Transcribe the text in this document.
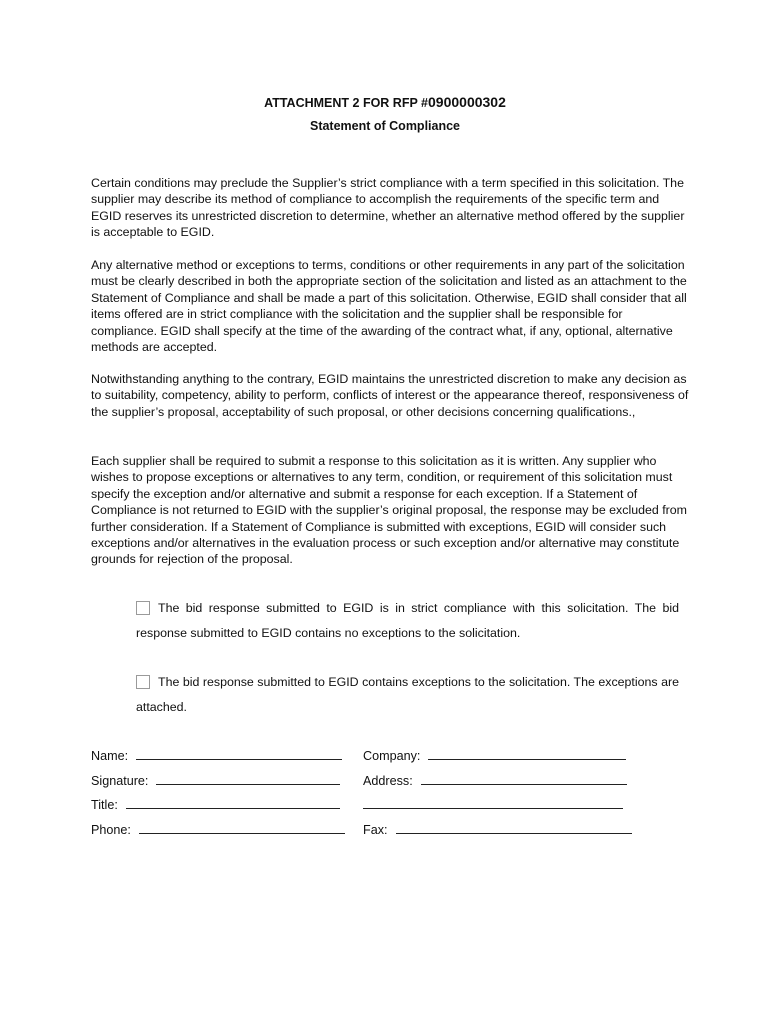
ATTACHMENT 2 FOR RFP #0900000302
Statement of Compliance

Certain conditions may preclude the Supplier’s strict compliance with a term specified in this solicitation. The supplier may describe its method of compliance to accomplish the requirements of the specific term and EGID reserves its unrestricted discretion to determine, whether an alternative method offered by the supplier is acceptable to EGID.

Any alternative method or exceptions to terms, conditions or other requirements in any part of the solicitation must be clearly described in both the appropriate section of the solicitation and listed as an attachment to the Statement of Compliance and shall be made a part of this solicitation. Otherwise, EGID shall consider that all items offered are in strict compliance with the solicitation and the supplier shall be responsible for compliance. EGID shall specify at the time of the awarding of the contract what, if any, optional, alternative methods are accepted.

Notwithstanding anything to the contrary, EGID maintains the unrestricted discretion to make any decision as to suitability, competency, ability to perform, conflicts of interest or the appearance thereof, responsiveness of the supplier’s proposal, acceptability of such proposal, or other decisions concerning qualifications.,

Each supplier shall be required to submit a response to this solicitation as it is written. Any supplier who wishes to propose exceptions or alternatives to any term, condition, or requirement of this solicitation must specify the exception and/or alternative and submit a response for each exception. If a Statement of Compliance is not returned to EGID with the supplier’s original proposal, the response may be excluded from further consideration. If a Statement of Compliance is submitted with exceptions, EGID will consider such exceptions and/or alternatives in the evaluation process or such exception and/or alternative may constitute grounds for rejection of the proposal.

The bid response submitted to EGID is in strict compliance with this solicitation. The bid response submitted to EGID contains no exceptions to the solicitation.
The bid response submitted to EGID contains exceptions to the solicitation. The exceptions are attached.
Name:	Company:
Signature:	Address:
Title:
Phone:	Fax:
